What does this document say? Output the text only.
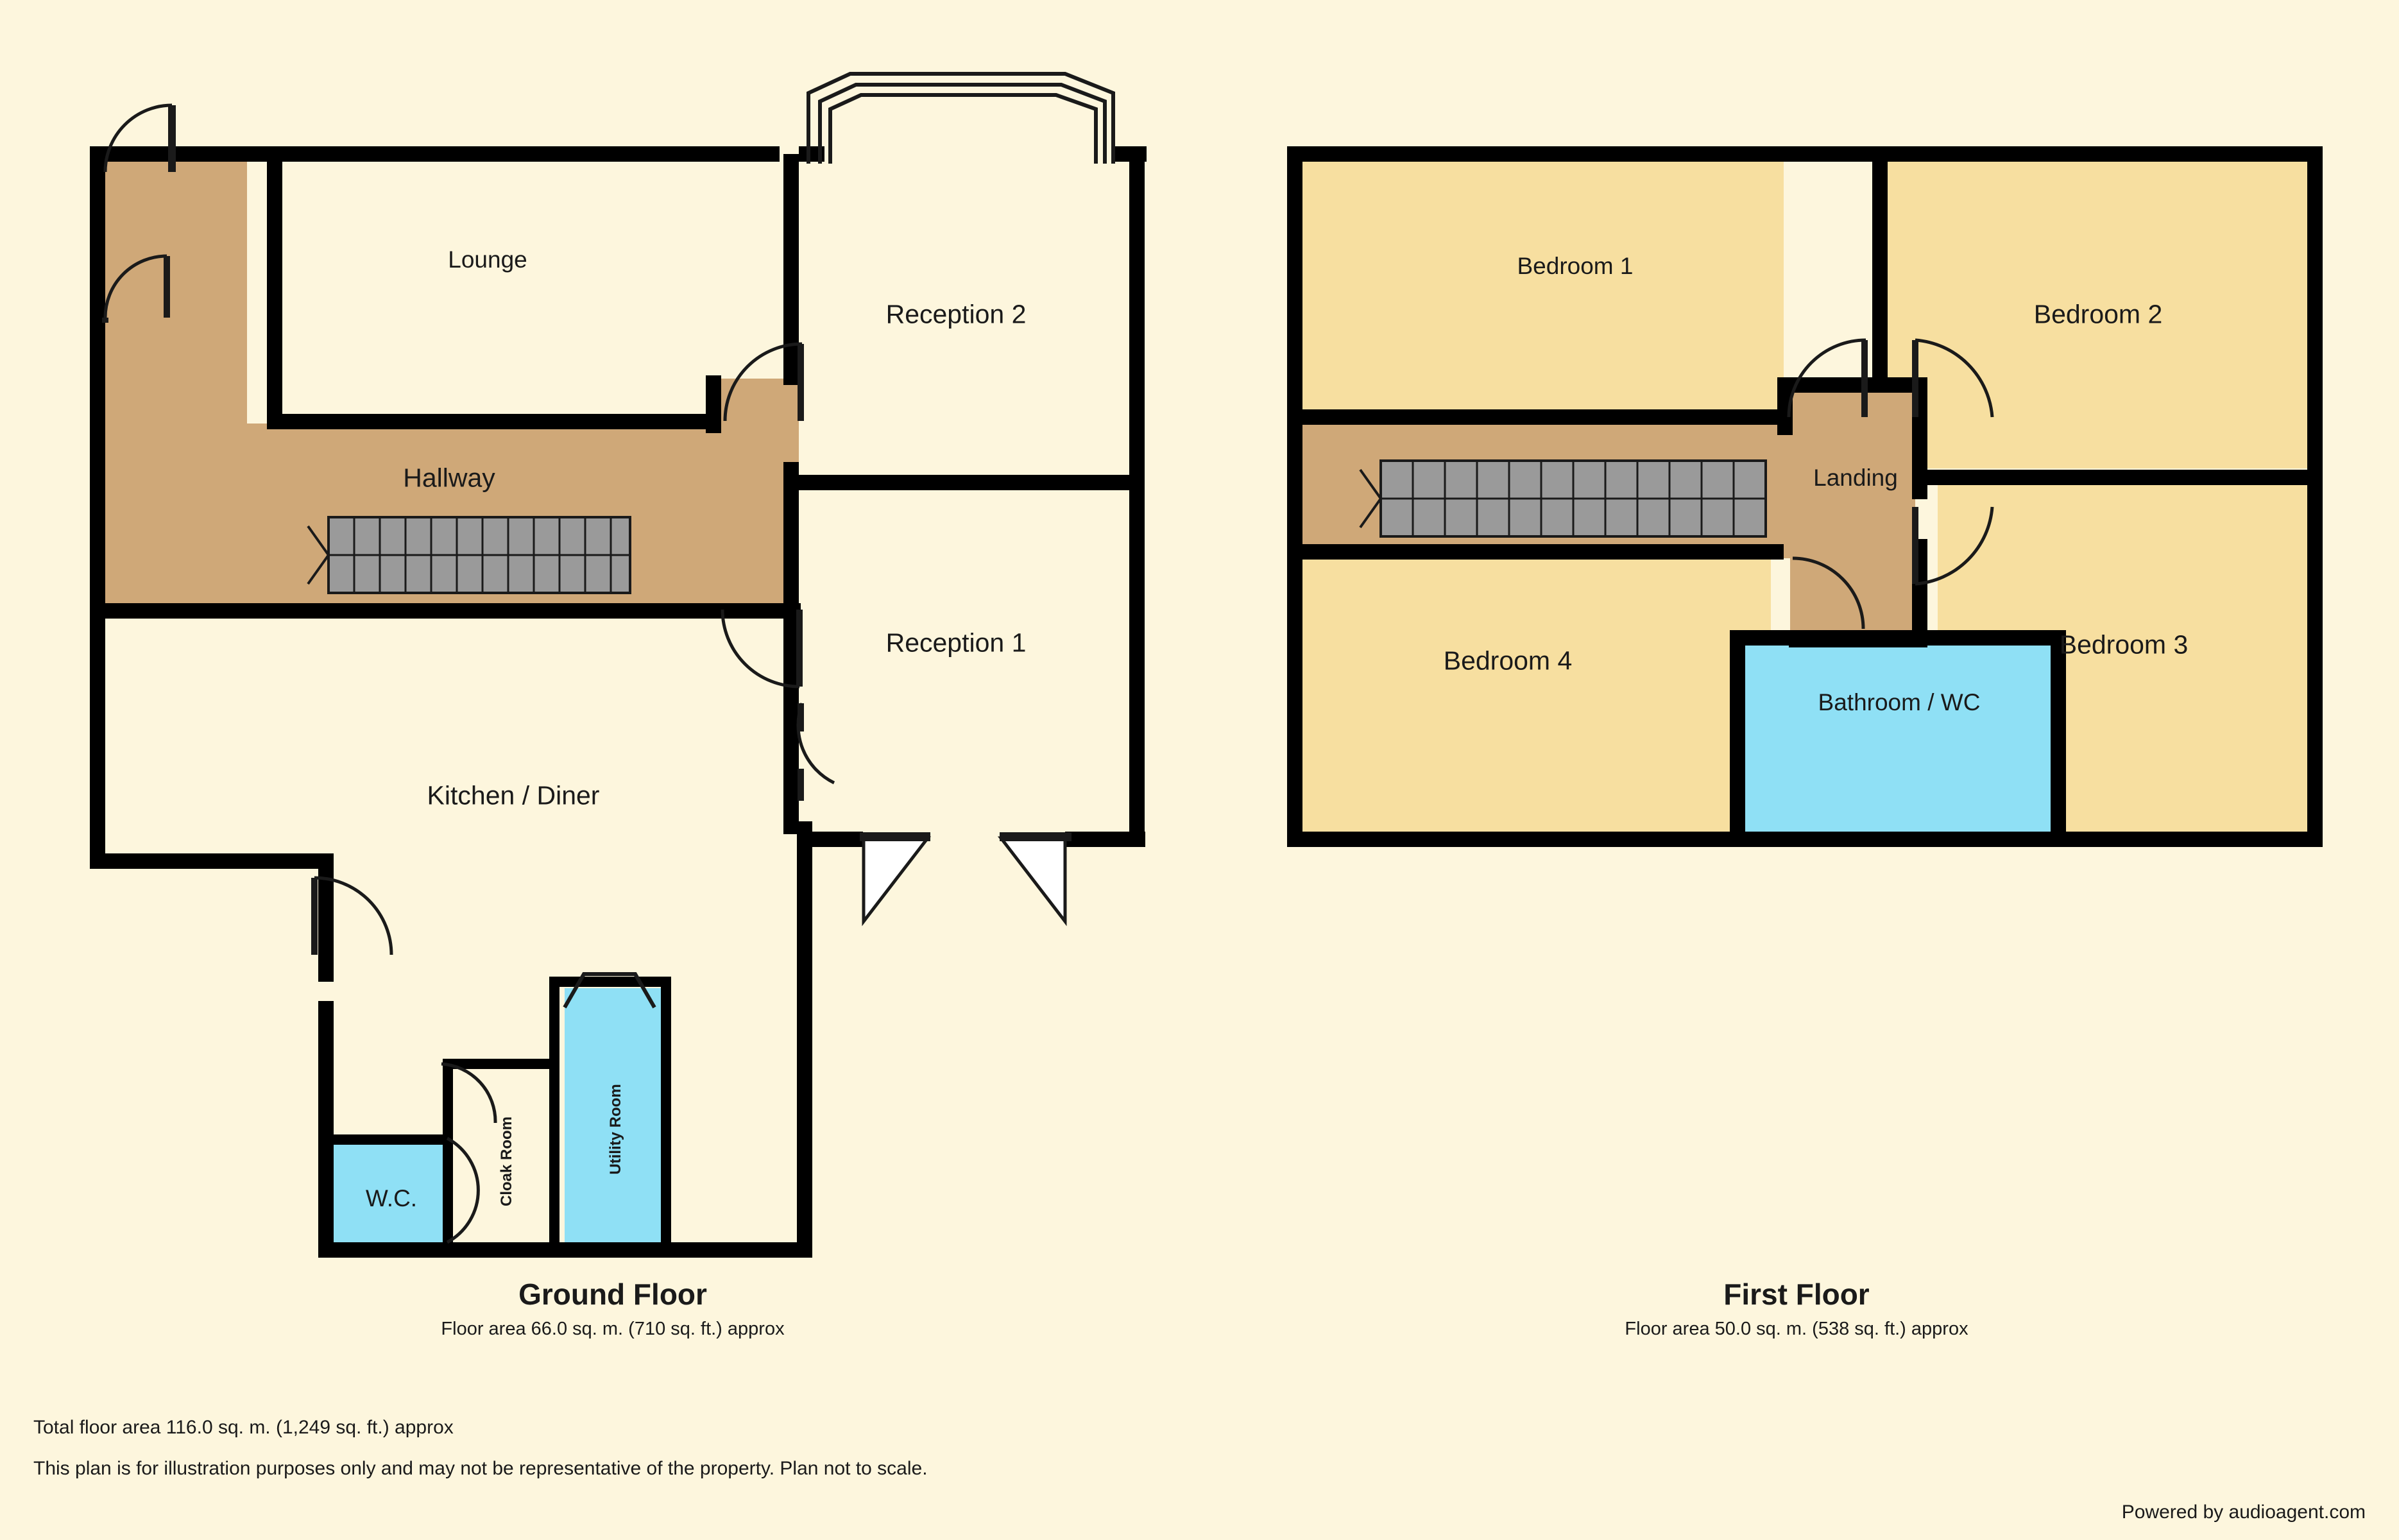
Lounge
Reception 2
Hallway
Reception 1
Kitchen / Diner
W.C.	Cloak Room	Utility Room
Ground Floor
Floor area 66.0 sq. m. (710 sq. ft.) approx
Bedroom 1
Bedroom 2
Landing
Bedroom 4
Bathroom / WC
Bedroom 3
First Floor
Floor area 50.0 sq. m. (538 sq. ft.) approx
Total floor area 116.0 sq. m. (1,249 sq. ft.) approx
This plan is for illustration purposes only and may not be representative of the property. Plan not to scale.
Powered by audioagent.com
